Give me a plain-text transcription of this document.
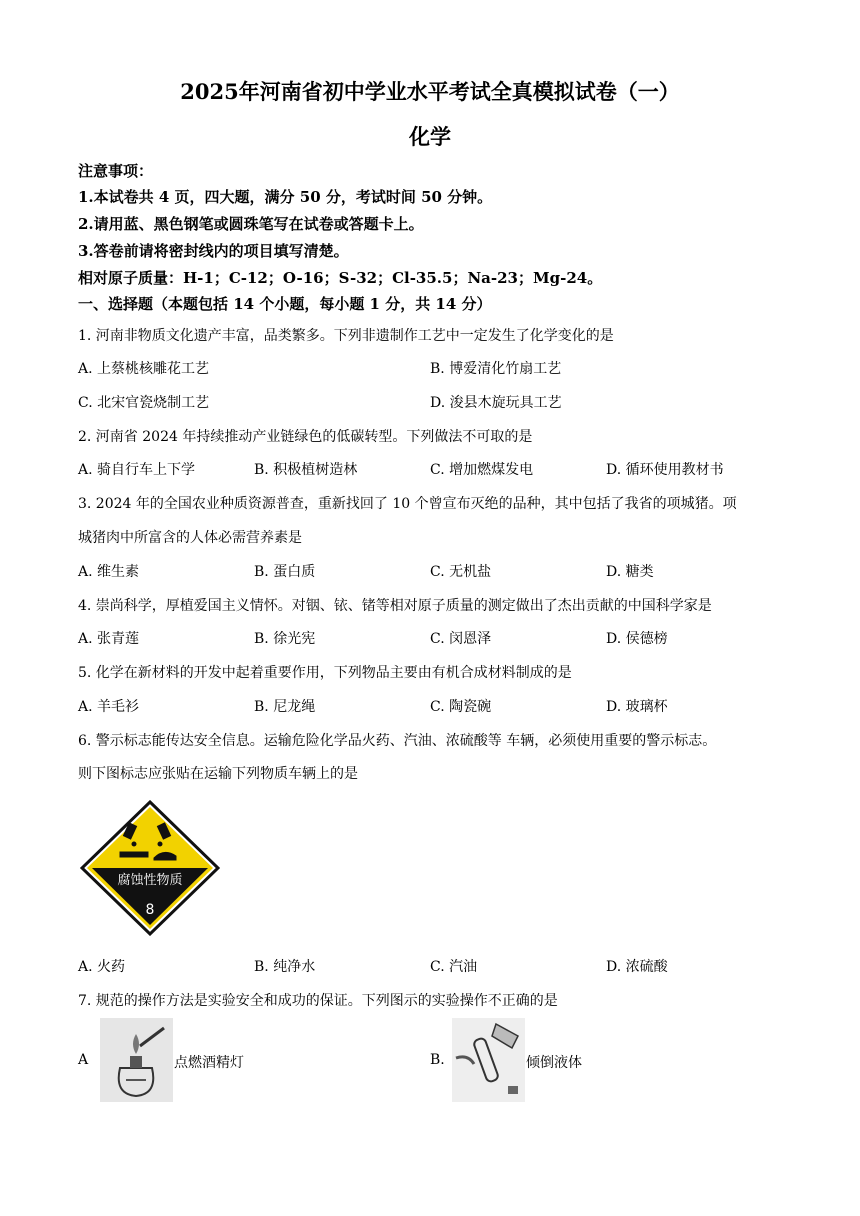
2025年河南省初中学业水平考试全真模拟试卷（一）
化学
注意事项：
1.本试卷共 4 页，四大题，满分 50 分，考试时间 50 分钟。
2.请用蓝、黑色钢笔或圆珠笔写在试卷或答题卡上。
3.答卷前请将密封线内的项目填写清楚。
相对原子质量：H-1；C-12；O-16；S-32；Cl-35.5；Na-23；Mg-24。
一、选择题（本题包括 14 个小题，每小题 1 分，共 14 分）
1. 河南非物质文化遗产丰富，品类繁多。下列非遗制作工艺中一定发生了化学变化的是
A. 上蔡桃核雕花工艺	B. 博爱清化竹扇工艺
C. 北宋官瓷烧制工艺	D. 浚县木旋玩具工艺
2. 河南省 2024 年持续推动产业链绿色的低碳转型。下列做法不可取的是
A. 骑自行车上下学	B. 积极植树造林	C. 增加燃煤发电	D. 循环使用教材书
3. 2024 年的全国农业种质资源普查，重新找回了 10 个曾宣布灭绝的品种，其中包括了我省的项城猪。项
城猪肉中所富含的人体必需营养素是
A. 维生素	B. 蛋白质	C. 无机盐	D. 糖类
4. 崇尚科学，厚植爱国主义情怀。对铟、铱、锗等相对原子质量的测定做出了杰出贡献的中国科学家是
A. 张青莲	B. 徐光宪	C. 闵恩泽	D. 侯德榜
5. 化学在新材料的开发中起着重要作用，下列物品主要由有机合成材料制成的是
A. 羊毛衫	B. 尼龙绳	C. 陶瓷碗	D. 玻璃杯
6. 警示标志能传达安全信息。运输危险化学品火药、汽油、浓硫酸等 车辆，必须使用重要的警示标志。
则下图标志应张贴在运输下列物质车辆上的是
腐蚀性物质
8
A. 火药	B. 纯净水	C. 汽油	D. 浓硫酸
7. 规范的操作方法是实验安全和成功的保证。下列图示的实验操作不正确的是
A	点燃酒精灯	B.	倾倒液体
